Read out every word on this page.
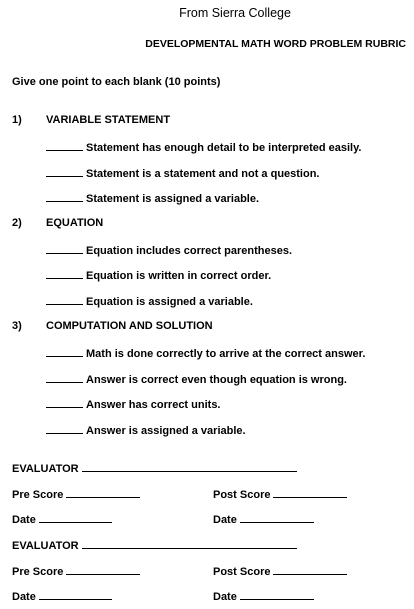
From Sierra College
DEVELOPMENTAL MATH WORD PROBLEM RUBRIC
Give one point to each blank (10 points)
1) VARIABLE STATEMENT
Statement has enough detail to be interpreted easily.
Statement is a statement and not a question.
Statement is assigned a variable.
2) EQUATION
Equation includes correct parentheses.
Equation is written in correct order.
Equation is assigned a variable.
3) COMPUTATION AND SOLUTION
Math is done correctly to arrive at the correct answer.
Answer is correct even though equation is wrong.
Answer has correct units.
Answer is assigned a variable.
EVALUATOR
Pre Score	Post Score
Date	Date
EVALUATOR
Pre Score	Post Score
Date	Date
